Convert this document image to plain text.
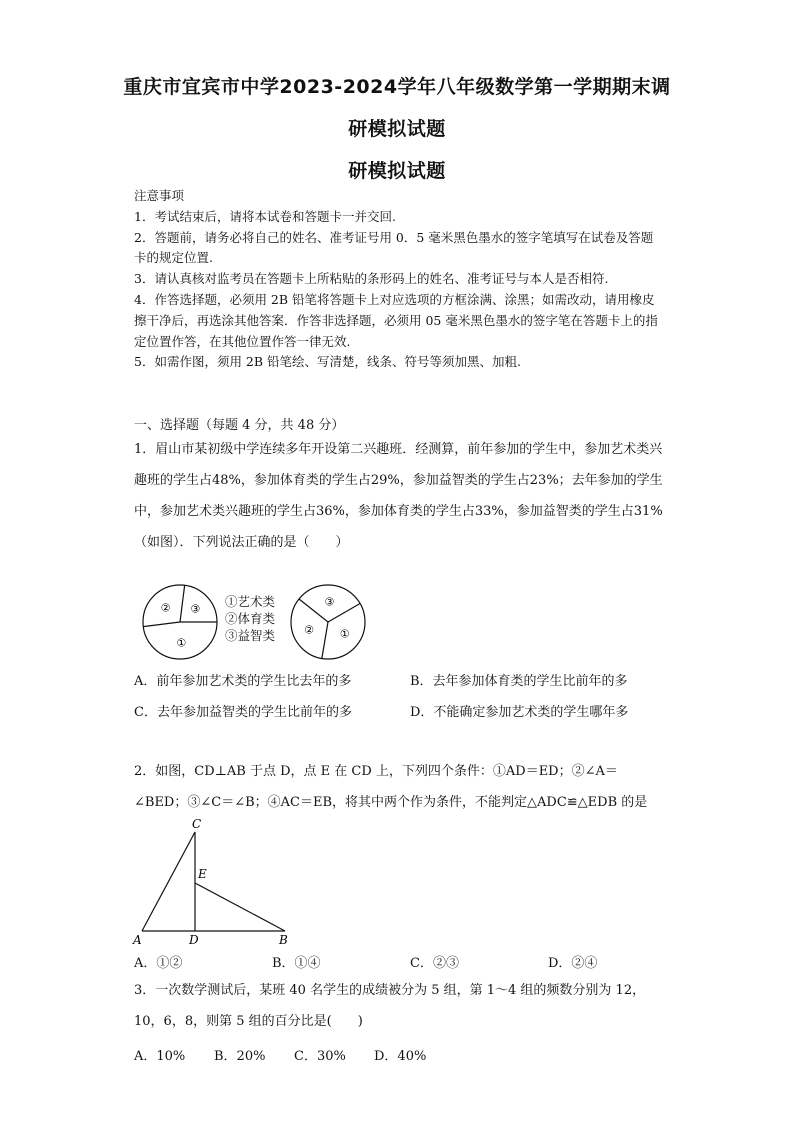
重庆市宜宾市中学2023-2024学年八年级数学第一学期期末调
研模拟试题
研模拟试题

注意事项

1．考试结束后，请将本试卷和答题卡一并交回.

2．答题前，请务必将自己的姓名、准考证号用 0．5 毫米黑色墨水的签字笔填写在试卷及答题卡的规定位置.

3．请认真核对监考员在答题卡上所粘贴的条形码上的姓名、准考证号与本人是否相符.

4．作答选择题，必须用 2B 铅笔将答题卡上对应选项的方框涂满、涂黑；如需改动，请用橡皮擦干净后，再选涂其他答案．作答非选择题，必须用 05 毫米黑色墨水的签字笔在答题卡上的指定位置作答，在其他位置作答一律无效.

5．如需作图，须用 2B 铅笔绘、写清楚，线条、符号等须加黑、加粗.

一、选择题（每题 4 分，共 48 分）
1．眉山市某初级中学连续多年开设第二兴趣班．经测算，前年参加的学生中，参加艺术类兴趣班的学生占48%，参加体育类的学生占29%，参加益智类的学生占23%；去年参加的学生中，参加艺术类兴趣班的学生占36%，参加体育类的学生占33%，参加益智类的学生占31%（如图）．下列说法正确的是（　　）
①
② ③
①
②
③
①艺术类
②体育类
③益智类
A．前年参加艺术类的学生比去年的多	B．去年参加体育类的学生比前年的多
C．去年参加益智类的学生比前年的多	D．不能确定参加艺术类的学生哪年多
2．如图，CD⊥AB 于点 D，点 E 在 CD 上，下列四个条件：①AD＝ED；②∠A＝∠BED；③∠C＝∠B；④AC＝EB，将其中两个作为条件，不能判定△ADC≌△EDB 的是
C
E
A	D	B
A．①②	B．①④	C．②③	D．②④
3．一次数学测试后，某班 40 名学生的成绩被分为 5 组，第 1～4 组的频数分别为 12，10，6，8，则第 5 组的百分比是(　　)
A．10% B．20% C．30% D．40%
